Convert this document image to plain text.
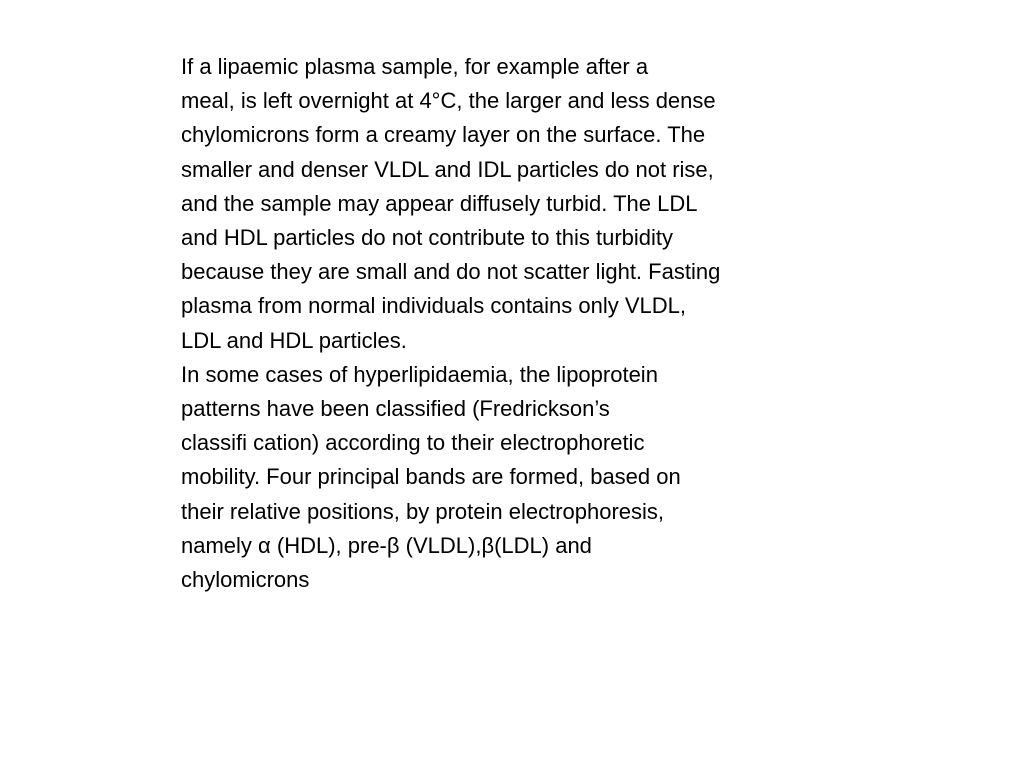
If a lipaemic plasma sample, for example after a
meal, is left overnight at 4°C, the larger and less dense
chylomicrons form a creamy layer on the surface. The
smaller and denser VLDL and IDL particles do not rise,
and the sample may appear diffusely turbid. The LDL
and HDL particles do not contribute to this turbidity
because they are small and do not scatter light. Fasting
plasma from normal individuals contains only VLDL,
LDL and HDL particles.
In some cases of hyperlipidaemia, the lipoprotein
patterns have been classified (Fredrickson’s
classifi cation) according to their electrophoretic
mobility. Four principal bands are formed, based on
their relative positions, by protein electrophoresis,
namely α (HDL), pre-β (VLDL),β(LDL) and
chylomicrons
